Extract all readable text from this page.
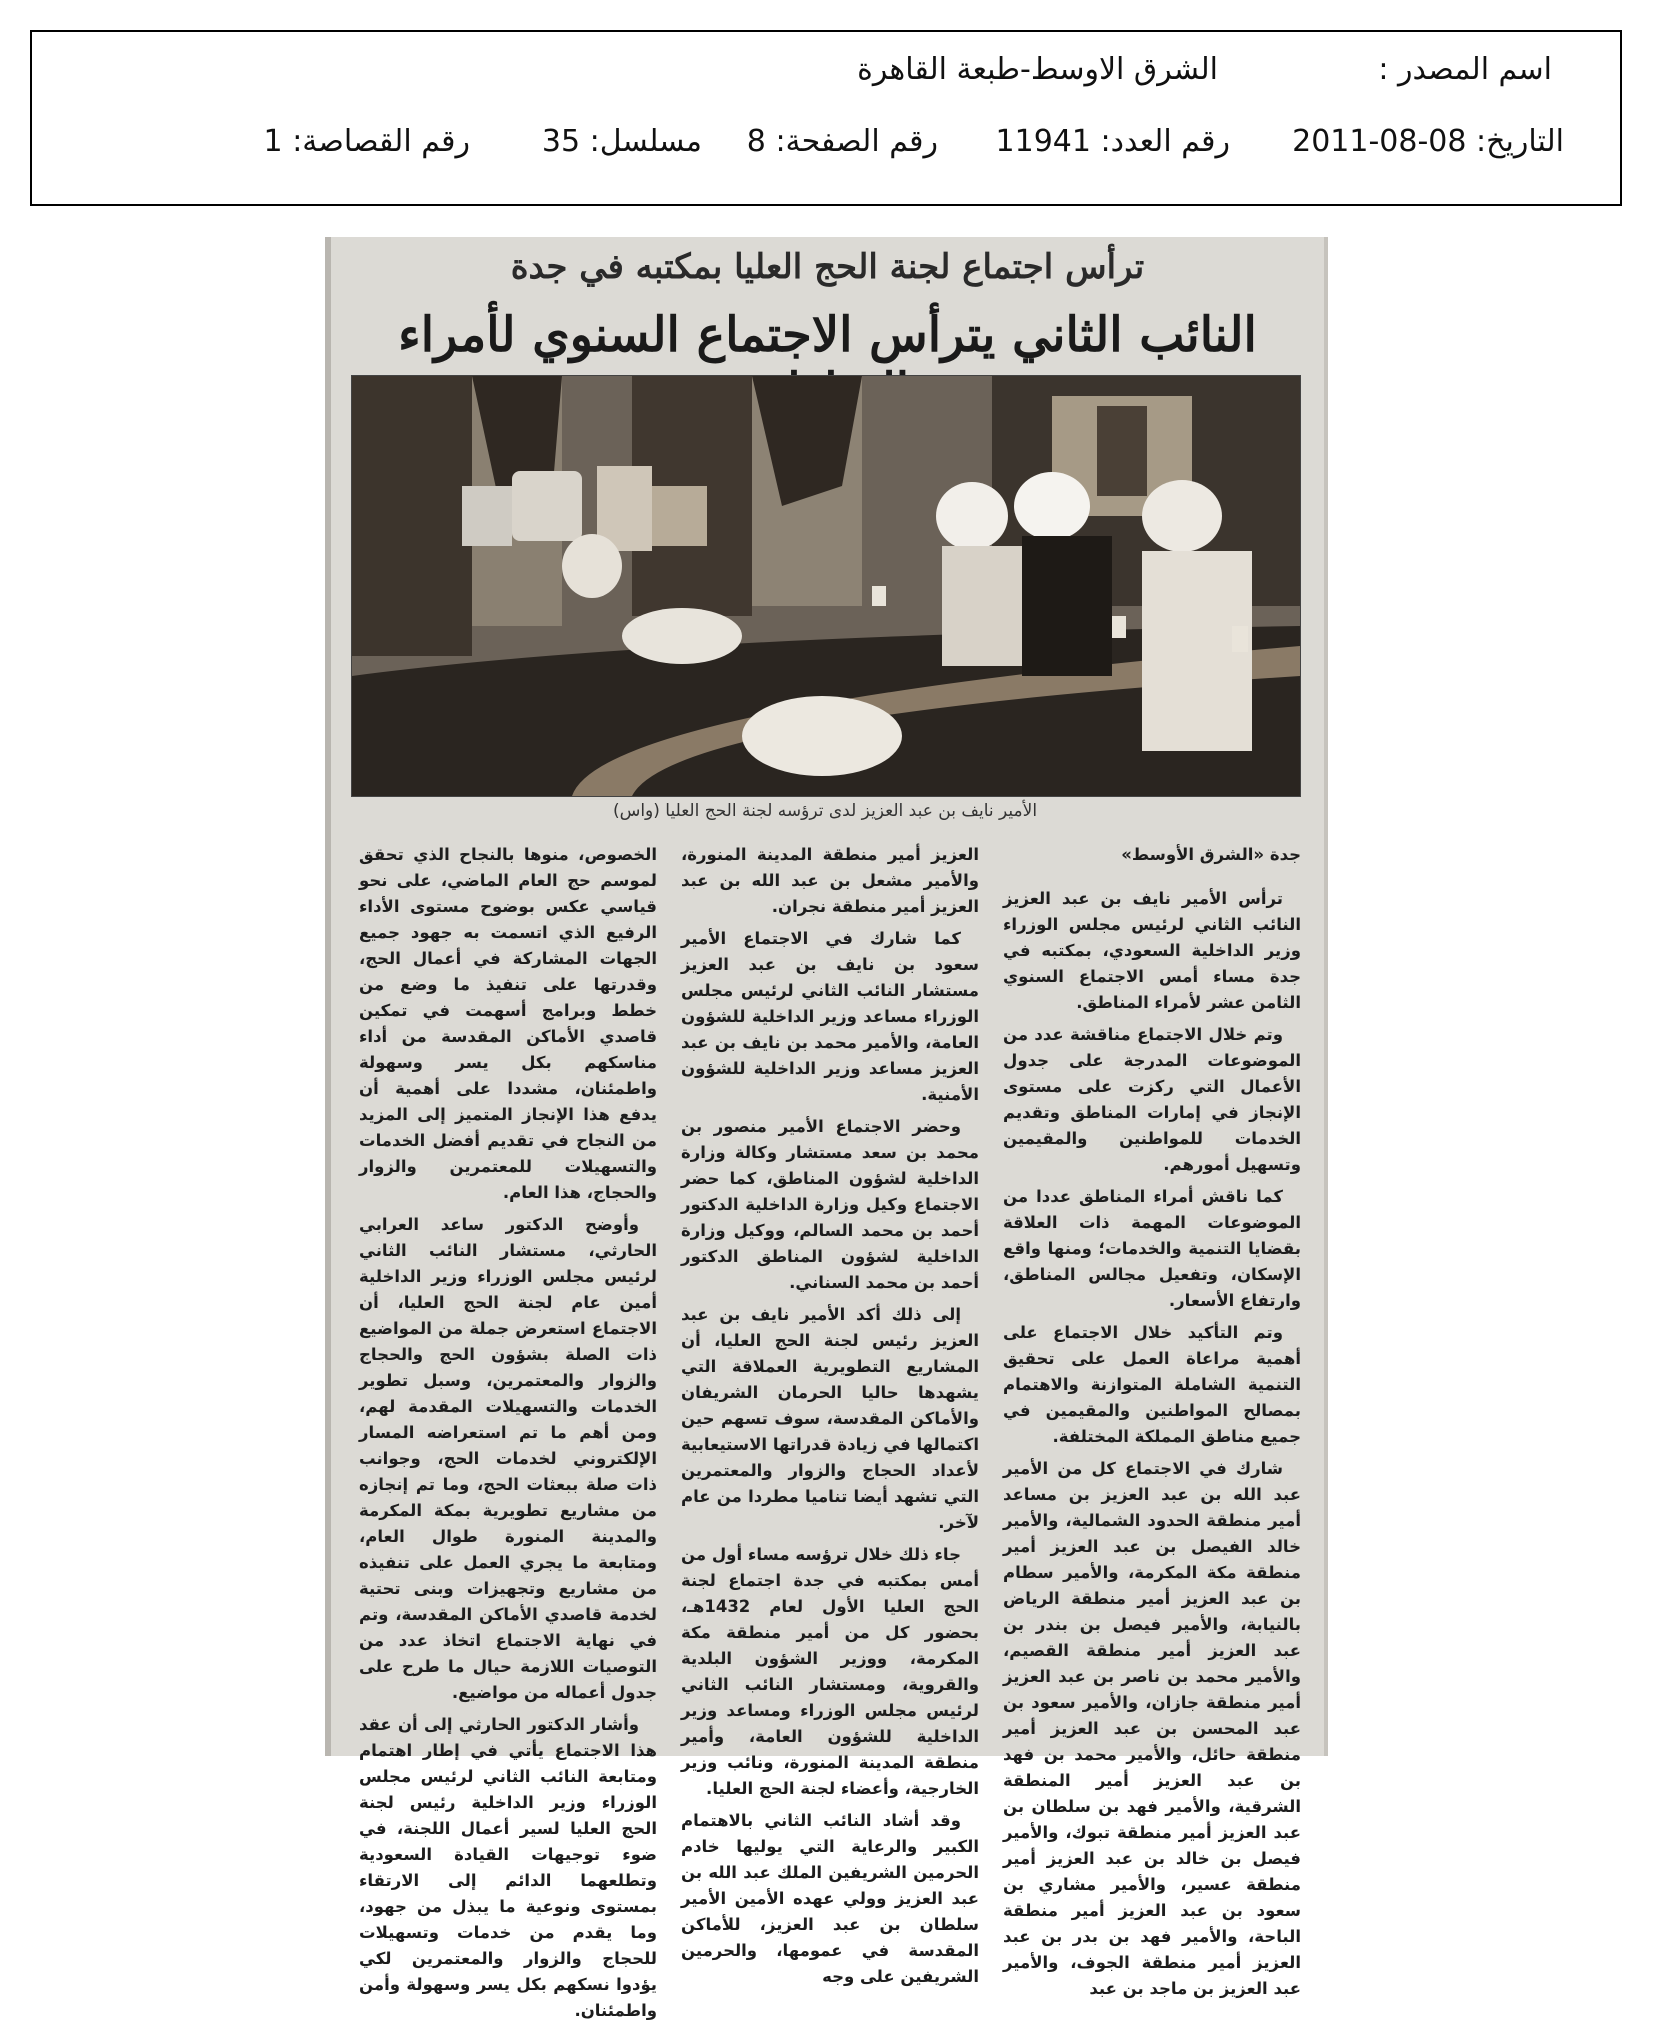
اسم المصدر :
الشرق الاوسط-طبعة القاهرة
التاريخ: 2011-08-08
رقم العدد: 11941
رقم الصفحة: 8
مسلسل: 35
رقم القصاصة: 1
ترأس اجتماع لجنة الحج العليا بمكتبه في جدة
النائب الثاني يترأس الاجتماع السنوي لأمراء
الأمير نايف بن عبد العزيز لدى ترؤسه لجنة الحج العليا (واس)

جدة «الشرق الأوسط»

ترأس الأمير نايف بن عبد العزيز النائب الثاني لرئيس مجلس الوزراء وزير الداخلية السعودي، بمكتبه في جدة مساء أمس الاجتماع السنوي الثامن عشر لأمراء المناطق.

وتم خلال الاجتماع مناقشة عدد من الموضوعات المدرجة على جدول الأعمال التي ركزت على مستوى الإنجاز في إمارات المناطق وتقديم الخدمات للمواطنين والمقيمين وتسهيل أمورهم.

كما ناقش أمراء المناطق عددا من الموضوعات المهمة ذات العلاقة بقضايا التنمية والخدمات؛ ومنها واقع الإسكان، وتفعيل مجالس المناطق، وارتفاع الأسعار.

وتم التأكيد خلال الاجتماع على أهمية مراعاة العمل على تحقيق التنمية الشاملة المتوازنة والاهتمام بمصالح المواطنين والمقيمين في جميع مناطق المملكة المختلفة.

شارك في الاجتماع كل من الأمير عبد الله بن عبد العزيز بن مساعد أمير منطقة الحدود الشمالية، والأمير خالد الفيصل بن عبد العزيز أمير منطقة مكة المكرمة، والأمير سطام بن عبد العزيز أمير منطقة الرياض بالنيابة، والأمير فيصل بن بندر بن عبد العزيز أمير منطقة القصيم، والأمير محمد بن ناصر بن عبد العزيز أمير منطقة جازان، والأمير سعود بن عبد المحسن بن عبد العزيز أمير منطقة حائل، والأمير محمد بن فهد بن عبد العزيز أمير المنطقة الشرقية، والأمير فهد بن سلطان بن عبد العزيز أمير منطقة تبوك، والأمير فيصل بن خالد بن عبد العزيز أمير منطقة عسير، والأمير مشاري بن سعود بن عبد العزيز أمير منطقة الباحة، والأمير فهد بن بدر بن عبد العزيز أمير منطقة الجوف، والأمير عبد العزيز بن ماجد بن عبد

العزيز أمير منطقة المدينة المنورة، والأمير مشعل بن عبد الله بن عبد العزيز أمير منطقة نجران.

كما شارك في الاجتماع الأمير سعود بن نايف بن عبد العزيز مستشار النائب الثاني لرئيس مجلس الوزراء مساعد وزير الداخلية للشؤون العامة، والأمير محمد بن نايف بن عبد العزيز مساعد وزير الداخلية للشؤون الأمنية.

وحضر الاجتماع الأمير منصور بن محمد بن سعد مستشار وكالة وزارة الداخلية لشؤون المناطق، كما حضر الاجتماع وكيل وزارة الداخلية الدكتور أحمد بن محمد السالم، ووكيل وزارة الداخلية لشؤون المناطق الدكتور أحمد بن محمد السناني.

إلى ذلك أكد الأمير نايف بن عبد العزيز رئيس لجنة الحج العليا، أن المشاريع التطويرية العملاقة التي يشهدها حاليا الحرمان الشريفان والأماكن المقدسة، سوف تسهم حين اكتمالها في زيادة قدراتها الاستيعابية لأعداد الحجاج والزوار والمعتمرين التي تشهد أيضا تناميا مطردا من عام لآخر.

جاء ذلك خلال ترؤسه مساء أول من أمس بمكتبه في جدة اجتماع لجنة الحج العليا الأول لعام 1432هـ، بحضور كل من أمير منطقة مكة المكرمة، ووزير الشؤون البلدية والقروية، ومستشار النائب الثاني لرئيس مجلس الوزراء ومساعد وزير الداخلية للشؤون العامة، وأمير منطقة المدينة المنورة، ونائب وزير الخارجية، وأعضاء لجنة الحج العليا.

وقد أشاد النائب الثاني بالاهتمام الكبير والرعاية التي يوليها خادم الحرمين الشريفين الملك عبد الله بن عبد العزيز وولي عهده الأمين الأمير سلطان بن عبد العزيز، للأماكن المقدسة في عمومها، والحرمين الشريفين على وجه

الخصوص، منوها بالنجاح الذي تحقق لموسم حج العام الماضي، على نحو قياسي عكس بوضوح مستوى الأداء الرفيع الذي اتسمت به جهود جميع الجهات المشاركة في أعمال الحج، وقدرتها على تنفيذ ما وضع من خطط وبرامج أسهمت في تمكين قاصدي الأماكن المقدسة من أداء مناسكهم بكل يسر وسهولة واطمئنان، مشددا على أهمية أن يدفع هذا الإنجاز المتميز إلى المزيد من النجاح في تقديم أفضل الخدمات والتسهيلات للمعتمرين والزوار والحجاج، هذا العام.

وأوضح الدكتور ساعد العرابي الحارثي، مستشار النائب الثاني لرئيس مجلس الوزراء وزير الداخلية أمين عام لجنة الحج العليا، أن الاجتماع استعرض جملة من المواضيع ذات الصلة بشؤون الحج والحجاج والزوار والمعتمرين، وسبل تطوير الخدمات والتسهيلات المقدمة لهم، ومن أهم ما تم استعراضه المسار الإلكتروني لخدمات الحج، وجوانب ذات صلة ببعثات الحج، وما تم إنجازه من مشاريع تطويرية بمكة المكرمة والمدينة المنورة طوال العام، ومتابعة ما يجري العمل على تنفيذه من مشاريع وتجهيزات وبنى تحتية لخدمة قاصدي الأماكن المقدسة، وتم في نهاية الاجتماع اتخاذ عدد من التوصيات اللازمة حيال ما طرح على جدول أعماله من مواضيع.

وأشار الدكتور الحارثي إلى أن عقد هذا الاجتماع يأتي في إطار اهتمام ومتابعة النائب الثاني لرئيس مجلس الوزراء وزير الداخلية رئيس لجنة الحج العليا لسير أعمال اللجنة، في ضوء توجيهات القيادة السعودية وتطلعهما الدائم إلى الارتقاء بمستوى ونوعية ما يبذل من جهود، وما يقدم من خدمات وتسهيلات للحجاج والزوار والمعتمرين لكي يؤدوا نسكهم بكل يسر وسهولة وأمن واطمئنان.
